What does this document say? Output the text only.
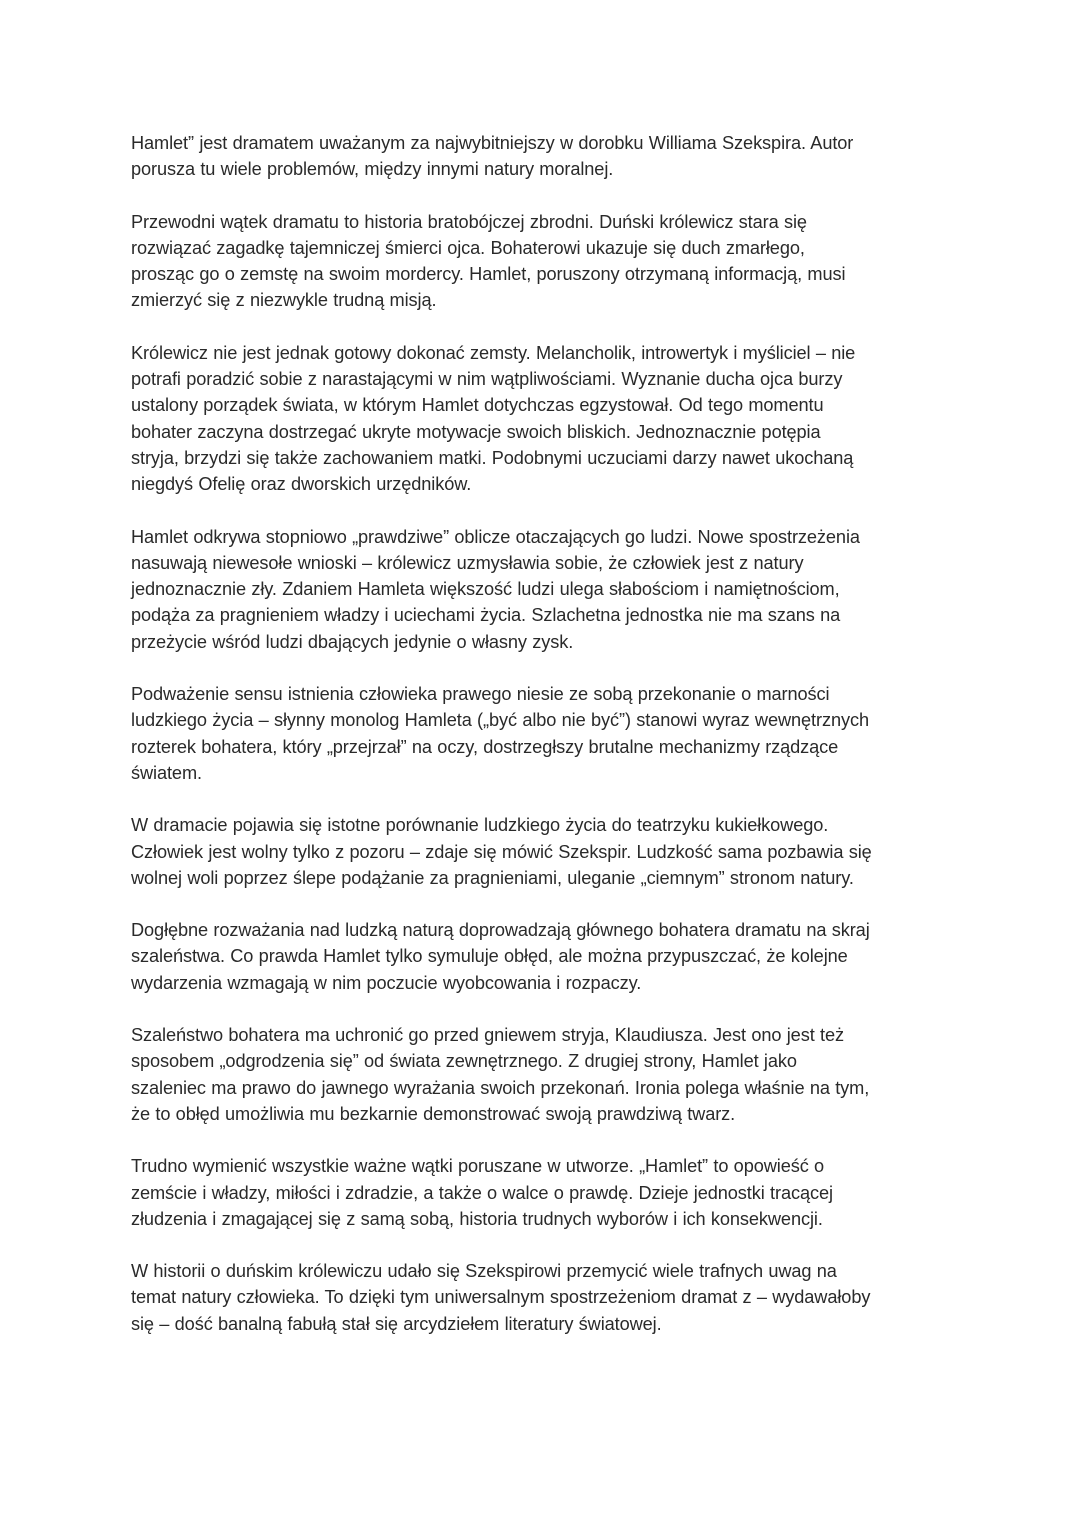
Hamlet” jest dramatem uważanym za najwybitniejszy w dorobku Williama Szekspira. Autor
porusza tu wiele problemów, między innymi natury moralnej.

Przewodni wątek dramatu to historia bratobójczej zbrodni. Duński królewicz stara się
rozwiązać zagadkę tajemniczej śmierci ojca. Bohaterowi ukazuje się duch zmarłego,
prosząc go o zemstę na swoim mordercy. Hamlet, poruszony otrzymaną informacją, musi
zmierzyć się z niezwykle trudną misją.

Królewicz nie jest jednak gotowy dokonać zemsty. Melancholik, introwertyk i myśliciel – nie
potrafi poradzić sobie z narastającymi w nim wątpliwościami. Wyznanie ducha ojca burzy
ustalony porządek świata, w którym Hamlet dotychczas egzystował. Od tego momentu
bohater zaczyna dostrzegać ukryte motywacje swoich bliskich. Jednoznacznie potępia
stryja, brzydzi się także zachowaniem matki. Podobnymi uczuciami darzy nawet ukochaną
niegdyś Ofelię oraz dworskich urzędników.

Hamlet odkrywa stopniowo „prawdziwe” oblicze otaczających go ludzi. Nowe spostrzeżenia
nasuwają niewesołe wnioski – królewicz uzmysławia sobie, że człowiek jest z natury
jednoznacznie zły. Zdaniem Hamleta większość ludzi ulega słabościom i namiętnościom,
podąża za pragnieniem władzy i uciechami życia. Szlachetna jednostka nie ma szans na
przeżycie wśród ludzi dbających jedynie o własny zysk.

Podważenie sensu istnienia człowieka prawego niesie ze sobą przekonanie o marności
ludzkiego życia – słynny monolog Hamleta („być albo nie być”) stanowi wyraz wewnętrznych
rozterek bohatera, który „przejrzał” na oczy, dostrzegłszy brutalne mechanizmy rządzące
światem.

W dramacie pojawia się istotne porównanie ludzkiego życia do teatrzyku kukiełkowego.
Człowiek jest wolny tylko z pozoru – zdaje się mówić Szekspir. Ludzkość sama pozbawia się
wolnej woli poprzez ślepe podążanie za pragnieniami, uleganie „ciemnym” stronom natury.

Dogłębne rozważania nad ludzką naturą doprowadzają głównego bohatera dramatu na skraj
szaleństwa. Co prawda Hamlet tylko symuluje obłęd, ale można przypuszczać, że kolejne
wydarzenia wzmagają w nim poczucie wyobcowania i rozpaczy.

Szaleństwo bohatera ma uchronić go przed gniewem stryja, Klaudiusza. Jest ono jest też
sposobem „odgrodzenia się” od świata zewnętrznego. Z drugiej strony, Hamlet jako
szaleniec ma prawo do jawnego wyrażania swoich przekonań. Ironia polega właśnie na tym,
że to obłęd umożliwia mu bezkarnie demonstrować swoją prawdziwą twarz.

Trudno wymienić wszystkie ważne wątki poruszane w utworze. „Hamlet” to opowieść o
zemście i władzy, miłości i zdradzie, a także o walce o prawdę. Dzieje jednostki tracącej
złudzenia i zmagającej się z samą sobą, historia trudnych wyborów i ich konsekwencji.

W historii o duńskim królewiczu udało się Szekspirowi przemycić wiele trafnych uwag na
temat natury człowieka. To dzięki tym uniwersalnym spostrzeżeniom dramat z – wydawałoby
się – dość banalną fabułą stał się arcydziełem literatury światowej.
